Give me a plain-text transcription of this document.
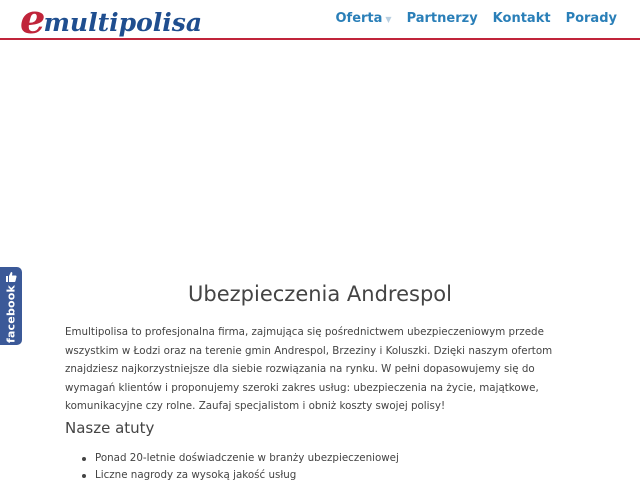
e
multipolisa	Oferta ▼ Partnerzy Kontakt Porady
facebook	Ubezpieczenia Andrespol

Emultipolisa to profesjonalna firma, zajmująca się pośrednictwem ubezpieczeniowym przede wszystkim w Łodzi oraz na terenie gmin Andrespol, Brzeziny i Koluszki. Dzięki naszym ofertom znajdziesz najkorzystniejsze dla siebie rozwiązania na rynku. W pełni dopasowujemy się do wymagań klientów i proponujemy szeroki zakres usług: ubezpieczenia na życie, majątkowe, komunikacyjne czy rolne. Zaufaj specjalistom i obniż koszty swojej polisy!

Nasze atuty
Ponad 20-letnie doświadczenie w branży ubezpieczeniowej
Liczne nagrody za wysoką jakość usług
